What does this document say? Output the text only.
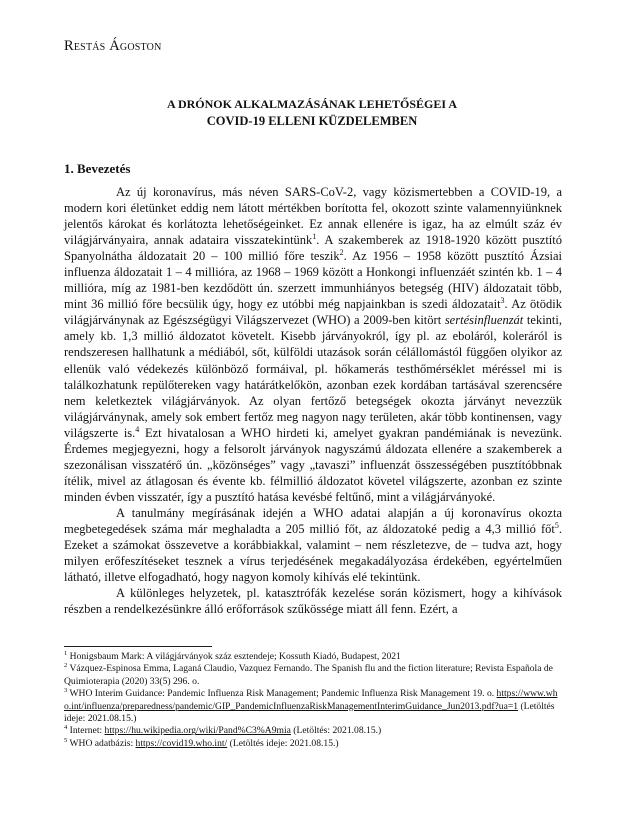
Restás Ágoston
A DRÓNOK ALKALMAZÁSÁNAK LEHETŐSÉGEI A
COVID-19 ELLENI KÜZDELEMBEN
1. Bevezetés

Az új koronavírus, más néven SARS-CoV-2, vagy közismertebben a COVID-19, a modern kori életünket eddig nem látott mértékben borította fel, okozott szinte valamennyiünknek jelentős károkat és korlátozta lehetőségeinket. Ez annak ellenére is igaz, ha az elmúlt száz év világjárványaira, annak adataira visszatekintünk$^1$. A szakemberek az 1918-1920 között pusztító Spanyolnátha áldozatait 20 – 100 millió főre teszik$^2$. Az 1956 – 1958 között pusztító Ázsiai influenza áldozatait 1 – 4 millióra, az 1968 – 1969 között a Honkongi influenzáét szintén kb. 1 – 4 millióra, míg az 1981-ben kezdődött ún. szerzett immunhiányos betegség (HIV) áldozatait több, mint 36 millió főre becsülik úgy, hogy ez utóbbi még napjainkban is szedi áldozatait$^3$. Az ötödik világjárványnak az Egészségügyi Világszervezet (WHO) a 2009-ben kitört sertésinfluenzát tekinti, amely kb. 1,3 millió áldozatot követelt. Kisebb járványokról, így pl. az eboláról, koleráról is rendszeresen hallhatunk a médiából, sőt, külföldi utazások során célállomástól függően olyikor az ellenük való védekezés különböző formáival, pl. hőkamerás testhőmérséklet méréssel mi is találkozhatunk repülőtereken vagy határátkelőkön, azonban ezek kordában tartásával szerencsére nem keletkeztek világjárványok. Az olyan fertőző betegségek okozta járványt nevezzük világjárványnak, amely sok embert fertőz meg nagyon nagy területen, akár több kontinensen, vagy világszerte is.$^4$ Ezt hivatalosan a WHO hirdeti ki, amelyet gyakran pandémiának is nevezünk. Érdemes megjegyezni, hogy a felsorolt járványok nagyszámú áldozata ellenére a szakemberek a szezonálisan visszatérő ún. „közönséges” vagy „tavaszi” influenzát összességében pusztítóbbnak ítélik, mivel az átlagosan és évente kb. félmillió áldozatot követel világszerte, azonban ez szinte minden évben visszatér, így a pusztító hatása kevésbé feltűnő, mint a világjárványoké.

A tanulmány megírásának idején a WHO adatai alapján a új koronavírus okozta megbetegedések száma már meghaladta a 205 millió főt, az áldozatoké pedig a 4,3 millió főt$^5$. Ezeket a számokat összevetve a korábbiakkal, valamint – nem részletezve, de – tudva azt, hogy milyen erőfeszítéseket tesznek a vírus terjedésének megakadályozása érdekében, egyértelműen látható, illetve elfogadható, hogy nagyon komoly kihívás elé tekintünk.

A különleges helyzetek, pl. katasztrófák kezelése során közismert, hogy a kihívások részben a rendelkezésünkre álló erőforrások szűkössége miatt áll fenn. Ezért, a

$^1$ Honigsbaum Mark: A világjárványok száz esztendeje; Kossuth Kiadó, Budapest, 2021

$^2$ Vázquez-Espinosa Emma, Laganá Claudio, Vazquez Fernando. The Spanish flu and the fiction literature; Revista Española de Quimioterapia (2020) 33(5) 296. o.

$^3$ WHO Interim Guidance: Pandemic Influenza Risk Management; Pandemic Influenza Risk Management 19. o. https://www.who.int/influenza/preparedness/pandemic/GIP_PandemicInfluenzaRiskManagementInterimGuidance_Jun2013.pdf?ua=1 (Letöltés ideje: 2021.08.15.)

$^4$ Internet: https://hu.wikipedia.org/wiki/Pand%C3%A9mia (Letöltés: 2021.08.15.)

$^5$ WHO adatbázis: https://covid19.who.int/ (Letöltés ideje: 2021.08.15.)
